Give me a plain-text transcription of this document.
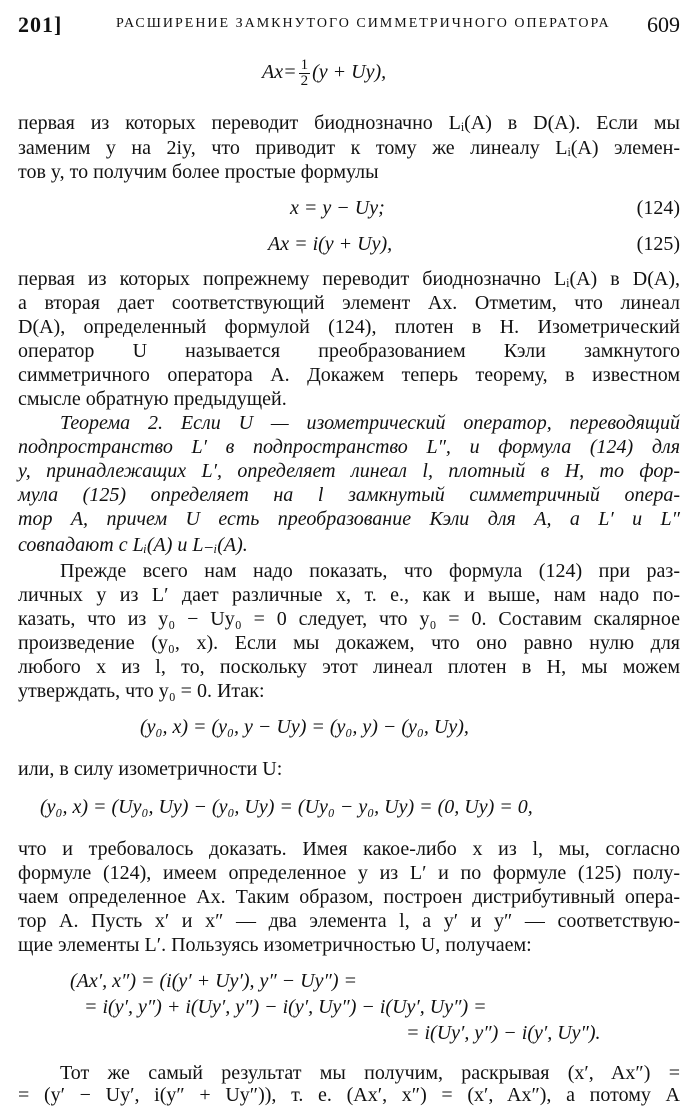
201]	РАСШИРЕНИЕ ЗАМКНУТОГО СИММЕТРИЧНОГО ОПЕРАТОРА 609
$Ax= \frac{1}{2} (y + Uy)$,
первая из которых переводит биоднозначно Lᵢ(A) в D(A). Если мы
заменим y на 2iy, что приводит к тому же линеалу Lᵢ(A) элемен-
тов y, то получим более простые формулы
x = y − Uy;	(124)
Ax = i(y + Uy),	(125)
первая из которых попрежнему переводит биоднозначно Lᵢ(A) в D(A),
а вторая дает соответствующий элемент Ax. Отметим, что линеал
D(A), определенный формулой (124), плотен в H. Изометрический
оператор U называется преобразованием Кэли замкнутого
симметричного оператора A. Докажем теперь теорему, в известном
смысле обратную предыдущей.
Теорема 2. Если U — изометрический оператор, переводящий
подпространство L′ в подпространство L″, и формула (124) для
y, принадлежащих L′, определяет линеал l, плотный в H, то фор-
мула (125) определяет на l замкнутый симметричный опера-
тор A, причем U есть преобразование Кэли для A, а L′ и L″
совпадают с Lᵢ(A) и L₋ᵢ(A).
Прежде всего нам надо показать, что формула (124) при раз-
личных y из L′ дает различные x, т. е., как и выше, нам надо по-
казать, что из y₀ − Uy₀ = 0 следует, что y₀ = 0. Составим скалярное
произведение (y₀, x). Если мы докажем, что оно равно нулю для
любого x из l, то, поскольку этот линеал плотен в H, мы можем
утверждать, что y₀ = 0. Итак:
(y₀, x) = (y₀, y − Uy) = (y₀, y) − (y₀, Uy),
или, в силу изометричности U:
(y₀, x) = (Uy₀, Uy) − (y₀, Uy) = (Uy₀ − y₀, Uy) = (0, Uy) = 0,
что и требовалось доказать. Имея какое-либо x из l, мы, согласно
формуле (124), имеем определенное y из L′ и по формуле (125) полу-
чаем определенное Ax. Таким образом, построен дистрибутивный опера-
тор A. Пусть x′ и x″ — два элемента l, а y′ и y″ — соответствую-
щие элементы L′. Пользуясь изометричностью U, получаем:
(Ax′, x″) = (i(y′ + Uy′), y″ − Uy″) =
= i(y′, y″) + i(Uy′, y″) − i(y′, Uy″) − i(Uy′, Uy″) =
= i(Uy′, y″) − i(y′, Uy″).
Тот же самый результат мы получим, раскрывая (x′, Ax″) =
= (y′ − Uy′, i(y″ + Uy″)), т. е. (Ax′, x″) = (x′, Ax″), а потому A
